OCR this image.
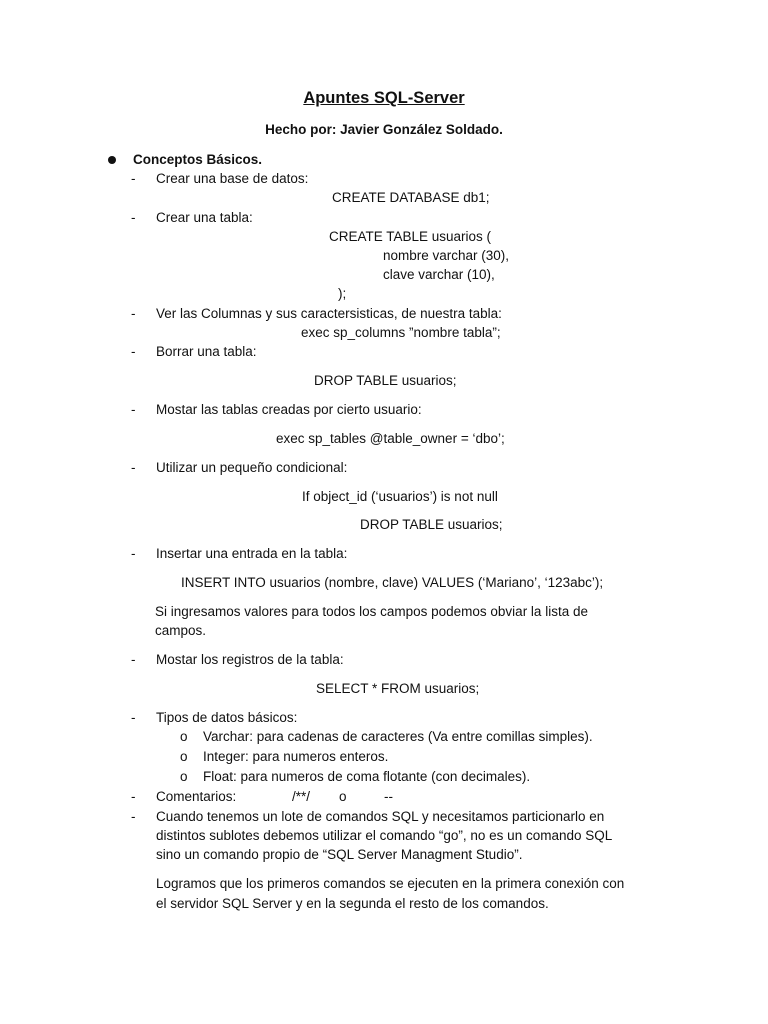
Apuntes SQL-Server
Hecho por: Javier González Soldado.
Conceptos Básicos.
- Crear una base de datos:
CREATE DATABASE db1;
- Crear una tabla:
CREATE TABLE usuarios (
nombre varchar (30),
clave varchar (10),
);
- Ver las Columnas y sus caractersisticas, de nuestra tabla:
exec sp_columns ”nombre tabla”;
- Borrar una tabla:
DROP TABLE usuarios;
- Mostar las tablas creadas por cierto usuario:
exec sp_tables @table_owner = ‘dbo’;
- Utilizar un pequeño condicional:
If object_id (‘usuarios’) is not null
DROP TABLE usuarios;
- Insertar una entrada en la tabla:
INSERT INTO usuarios (nombre, clave) VALUES (‘Mariano’, ‘123abc’);
Si ingresamos valores para todos los campos podemos obviar la lista de
campos.
- Mostar los registros de la tabla:
SELECT * FROM usuarios;
- Tipos de datos básicos:
o Varchar: para cadenas de caracteres (Va entre comillas simples).
o Integer: para numeros enteros.
o Float: para numeros de coma flotante (con decimales).
- Comentarios:	/**/ o	--
- Cuando tenemos un lote de comandos SQL y necesitamos particionarlo en
distintos sublotes debemos utilizar el comando “go”, no es un comando SQL
sino un comando propio de “SQL Server Managment Studio”.
Logramos que los primeros comandos se ejecuten en la primera conexión con
el servidor SQL Server y en la segunda el resto de los comandos.
